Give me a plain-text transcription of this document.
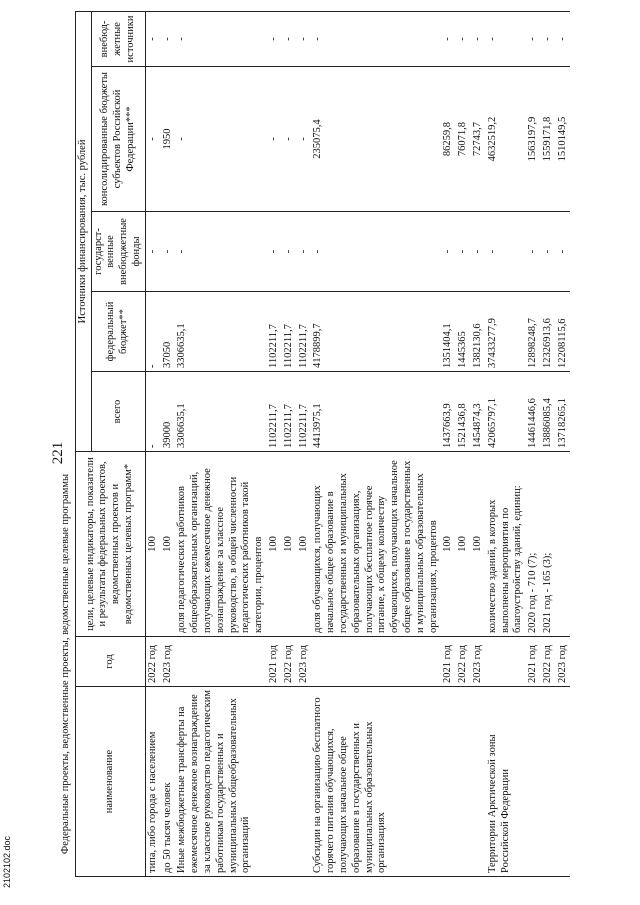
221
Федеральные проекты, ведомственные проекты, ведомственные целевые программы							
наименование	год	цели, целевые индикаторы, показатели и результаты федеральных проектов, ведомственных проектов и ведомственных целевых программ*	Источники финансирования, тыс. рублей				
			всего	федеральный бюджет**	государст-венные внебюджетные фонды	консолидированные бюджеты субъектов Российской Федерации***	внебюд-жетные источники
типа, либо города с населением	2022 год	100	-	-	-	-	-
до 50 тысяч человек	2023 год	100	39000	37050	-	1950	-
Иные межбюджетные трансферты на ежемесячное денежное вознаграждение за классное руководство педагогическим работникам государственных и муниципальных общеобразовательных организаций		доля педагогических работников общеобразовательных организаций, получающих ежемесячное денежное вознаграждение за классное руководство, в общей численности педагогических работников такой категории, процентов	3306635,1	3306635,1	-	-	-
	2021 год	100	1102211,7	1102211,7	-	-	-
	2022 год	100	1102211,7	1102211,7	-	-	-
	2023 год	100	1102211,7	1102211,7	-	-	-
Субсидии на организацию бесплатного горячего питания обучающихся, получающих начальное общее образование в государственных и муниципальных образовательных организациях		доля обучающихся, получающих начальное общее образование в государственных и муниципальных образовательных организациях, получающих бесплатное горячее питание, к общему количеству обучающихся, получающих начальное общее образование в государственных и муниципальных образовательных организациях, процентов	4413975,1	4178899,7	-	235075,4	-
	2021 год	100	1437663,9	1351404,1	-	86259,8	-
	2022 год	100	1521436,8	1445365	-	76071,8	-
	2023 год	100	1454874,3	1382130,6	-	72743,7	-
Территории Арктической зоны Российской Федерации		количество зданий, в которых выполнены мероприятия по благоустройству зданий, единиц:	42065797,1	37433277,9	-	4632519,2	-
	2021 год	2020 год - 710 (7);	14461446,6	12898248,7	-	1563197,9	-
	2022 год	2021 год - 165 (3);	13886085,4	12326913,6	-	1559171,8	-
	2023 год		13718265,1	12208115,6	-	1510149,5	-
2102102.doc
